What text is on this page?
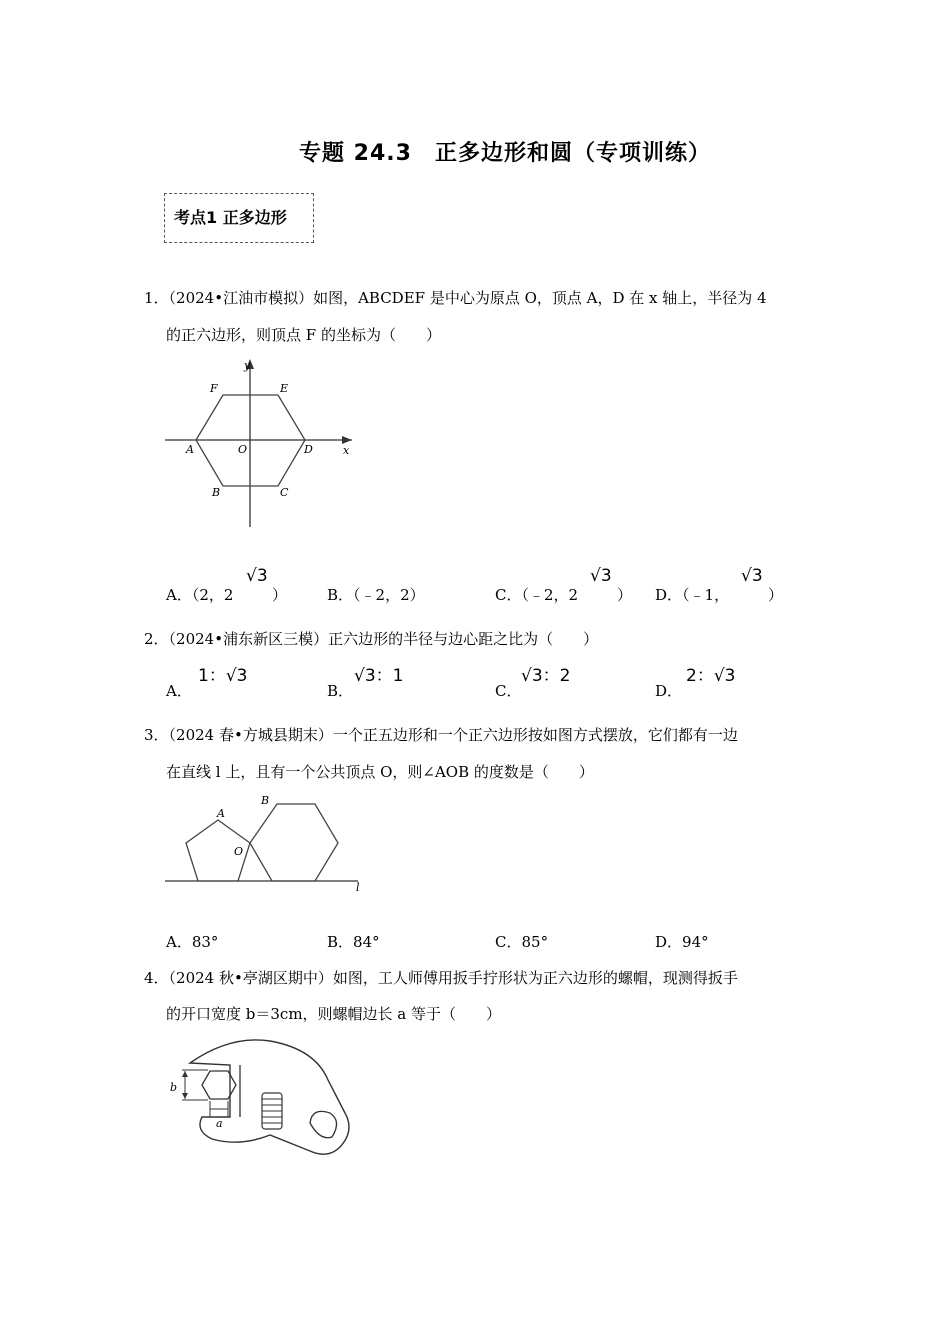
专题 24.3　正多边形和圆（专项训练）
考点1 正多边形
1．（2024•江油市模拟）如图，ABCDEF 是中心为原点 O，顶点 A，D 在 x 轴上，半径为 4
的正六边形，则顶点 F 的坐标为（　　）
y
x
A
B	C
D
E
F
O
A．（2，2
√3
）	B．（﹣2，2）	C．（﹣2，2
√3
） D．（﹣1，
√3
）
2．（2024•浦东新区三模）正六边形的半径与边心距之比为（　　）
A．
1：√3
B．
√3：1
C．
√3：2
D．
2：√3
3．（2024 春•方城县期末）一个正五边形和一个正六边形按如图方式摆放，它们都有一边
在直线 l 上，且有一个公共顶点 O，则∠AOB 的度数是（　　）
A
B
O
l
A．83°	B．84°	C．85°	D．94°
4．（2024 秋•亭湖区期中）如图，工人师傅用扳手拧形状为正六边形的螺帽，现测得扳手
的开口宽度 b＝3cm，则螺帽边长 a 等于（　　）
b
a
